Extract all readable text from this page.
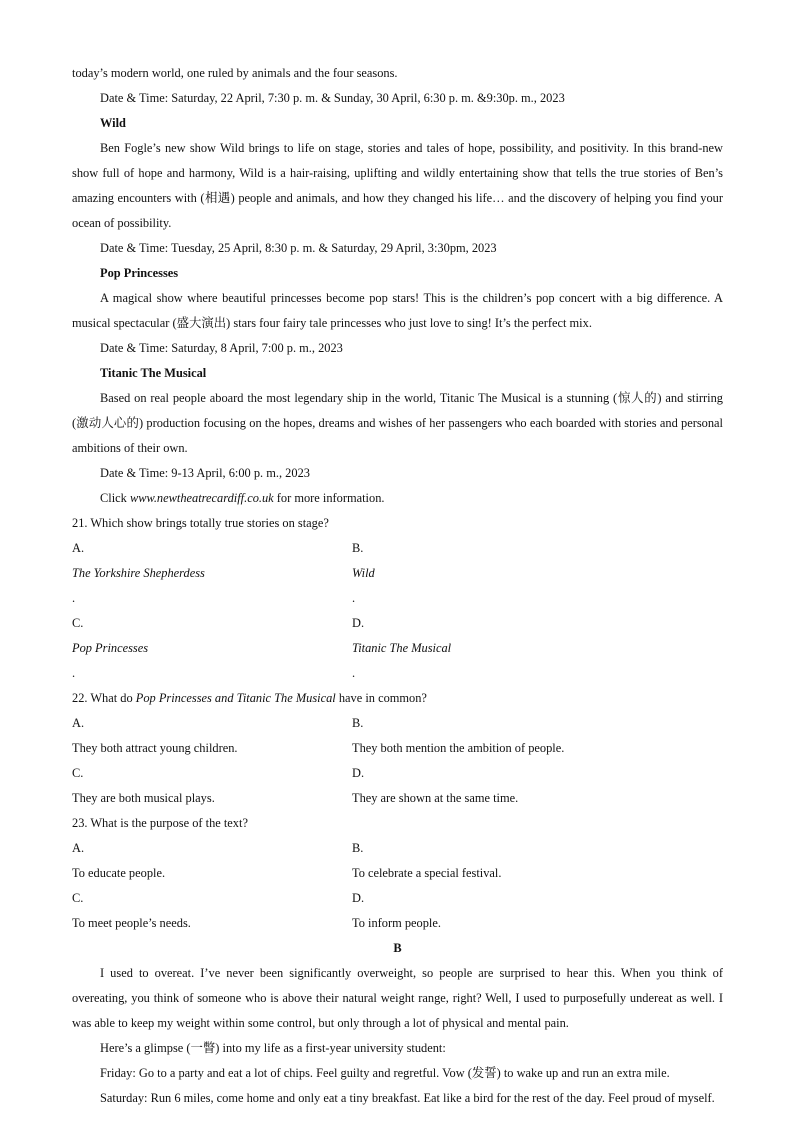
today’s modern world, one ruled by animals and the four seasons.

Date & Time: Saturday, 22 April, 7:30 p. m. & Sunday, 30 April, 6:30 p. m. &9:30p. m., 2023

Wild

Ben Fogle’s new show Wild brings to life on stage, stories and tales of hope, possibility, and positivity. In this brand-new show full of hope and harmony, Wild is a hair-raising, uplifting and wildly entertaining show that tells the true stories of Ben’s amazing encounters with (相遇) people and animals, and how they changed his life… and the discovery of helping you find your ocean of possibility.

Date & Time: Tuesday, 25 April, 8:30 p. m. & Saturday, 29 April, 3:30pm, 2023

Pop Princesses

A magical show where beautiful princesses become pop stars! This is the children’s pop concert with a big difference. A musical spectacular (盛大演出) stars four fairy tale princesses who just love to sing! It’s the perfect mix.

Date & Time: Saturday, 8 April, 7:00 p. m., 2023

Titanic The Musical

Based on real people aboard the most legendary ship in the world, Titanic The Musical is a stunning (惊人的) and stirring (激动人心的) production focusing on the hopes, dreams and wishes of her passengers who each boarded with stories and personal ambitions of their own.

Date & Time: 9-13 April, 6:00 p. m., 2023

Click www.newtheatrecardiff.co.uk for more information.

21. Which show brings totally true stories on stage?

A.
The Yorkshire Shepherdess
.
B.
Wild
.
C.
Pop Princesses
.
D.
Titanic The Musical
.

22. What do Pop Princesses and Titanic The Musical have in common?

A.
They both attract young children.
B.
They both mention the ambition of people.
C.
They are both musical plays.
D.
They are shown at the same time.

23. What is the purpose of the text?

A.
To educate people.
B.
To celebrate a special festival.
C.
To meet people’s needs.
D.
To inform people.

B

I used to overeat. I’ve never been significantly overweight, so people are surprised to hear this. When you think of overeating, you think of someone who is above their natural weight range, right? Well, I used to purposefully undereat as well. I was able to keep my weight within some control, but only through a lot of physical and mental pain.

Here’s a glimpse (一瞥) into my life as a first-year university student:

Friday: Go to a party and eat a lot of chips. Feel guilty and regretful. Vow (发誓) to wake up and run an extra mile.

Saturday: Run 6 miles, come home and only eat a tiny breakfast. Eat like a bird for the rest of the day. Feel proud of myself.
